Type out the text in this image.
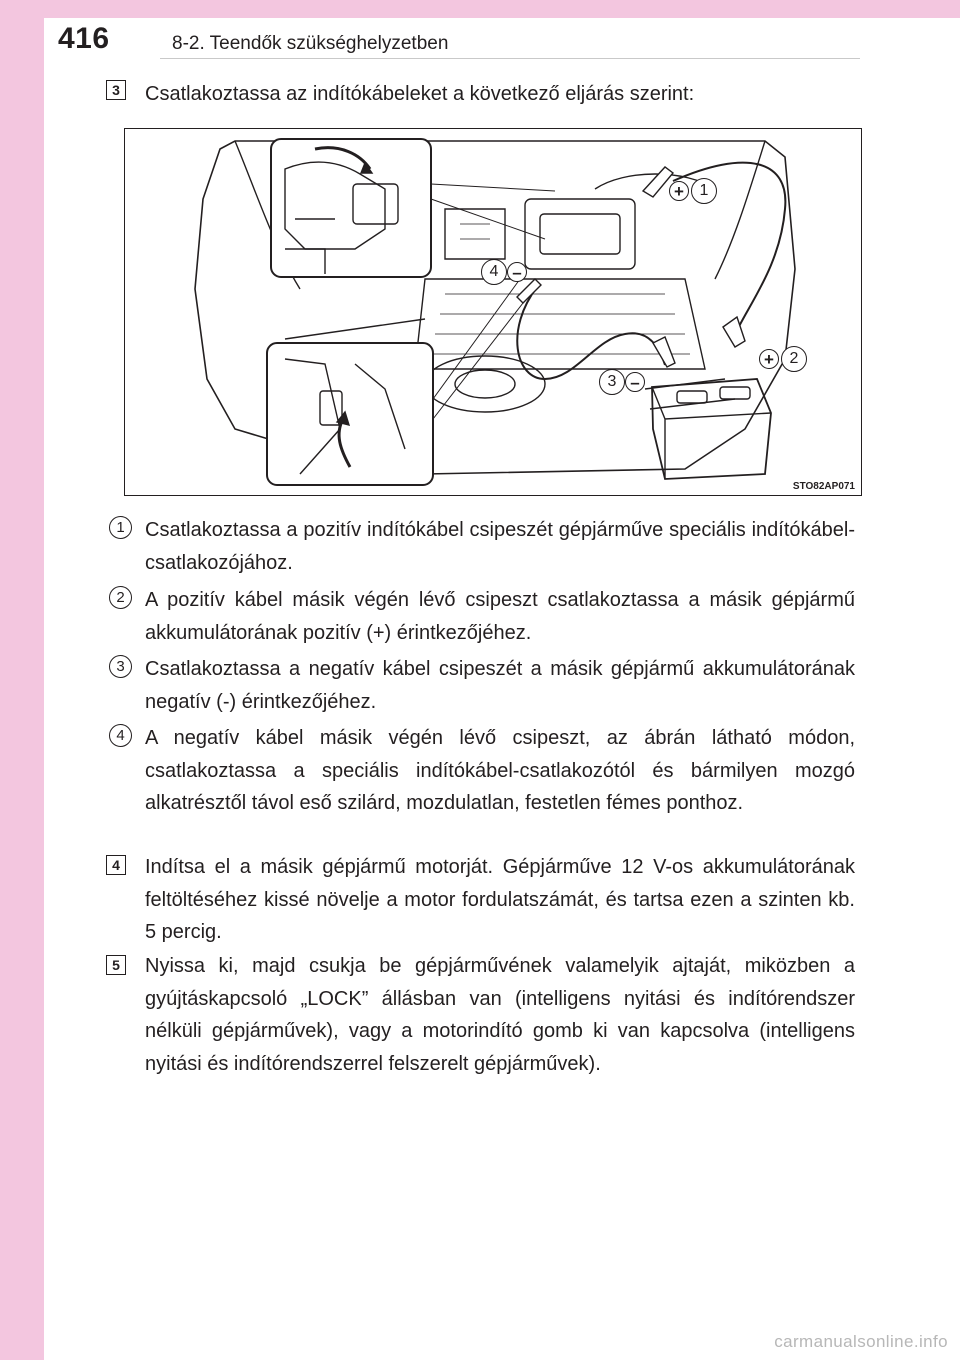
416	8-2. Teendők szükséghelyzetben
3	Csatlakoztassa az indítókábeleket a következő eljárás szerint:

+ 1
+ 2
3 –
4 –
STO82AP071
1	Csatlakoztassa a pozitív indítókábel csipeszét gépjárműve speciális indítókábel-csatlakozójához.

2	A pozitív kábel másik végén lévő csipeszt csatlakoztassa a másik gépjármű akkumulátorának pozitív (+) érintkezőjéhez.

3	Csatlakoztassa a negatív kábel csipeszét a másik gépjármű akkumulátorának negatív (-) érintkezőjéhez.

4	A negatív kábel másik végén lévő csipeszt, az ábrán látható módon, csatlakoztassa a speciális indítókábel-csatlakozótól és bármilyen mozgó alkatrésztől távol eső szilárd, mozdulatlan, festetlen fémes ponthoz.

4	Indítsa el a másik gépjármű motorját. Gépjárműve 12 V-os akkumulátorának feltöltéséhez kissé növelje a motor fordulatszámát, és tartsa ezen a szinten kb. 5 percig.

5	Nyissa ki, majd csukja be gépjárművének valamelyik ajtaját, miközben a gyújtáskapcsoló „LOCK” állásban van (intelligens nyitási és indítórendszer nélküli gépjárművek), vagy a motorindító gomb ki van kapcsolva (intelligens nyitási és indítórendszerrel felszerelt gépjárművek).

carmanualsonline.info
